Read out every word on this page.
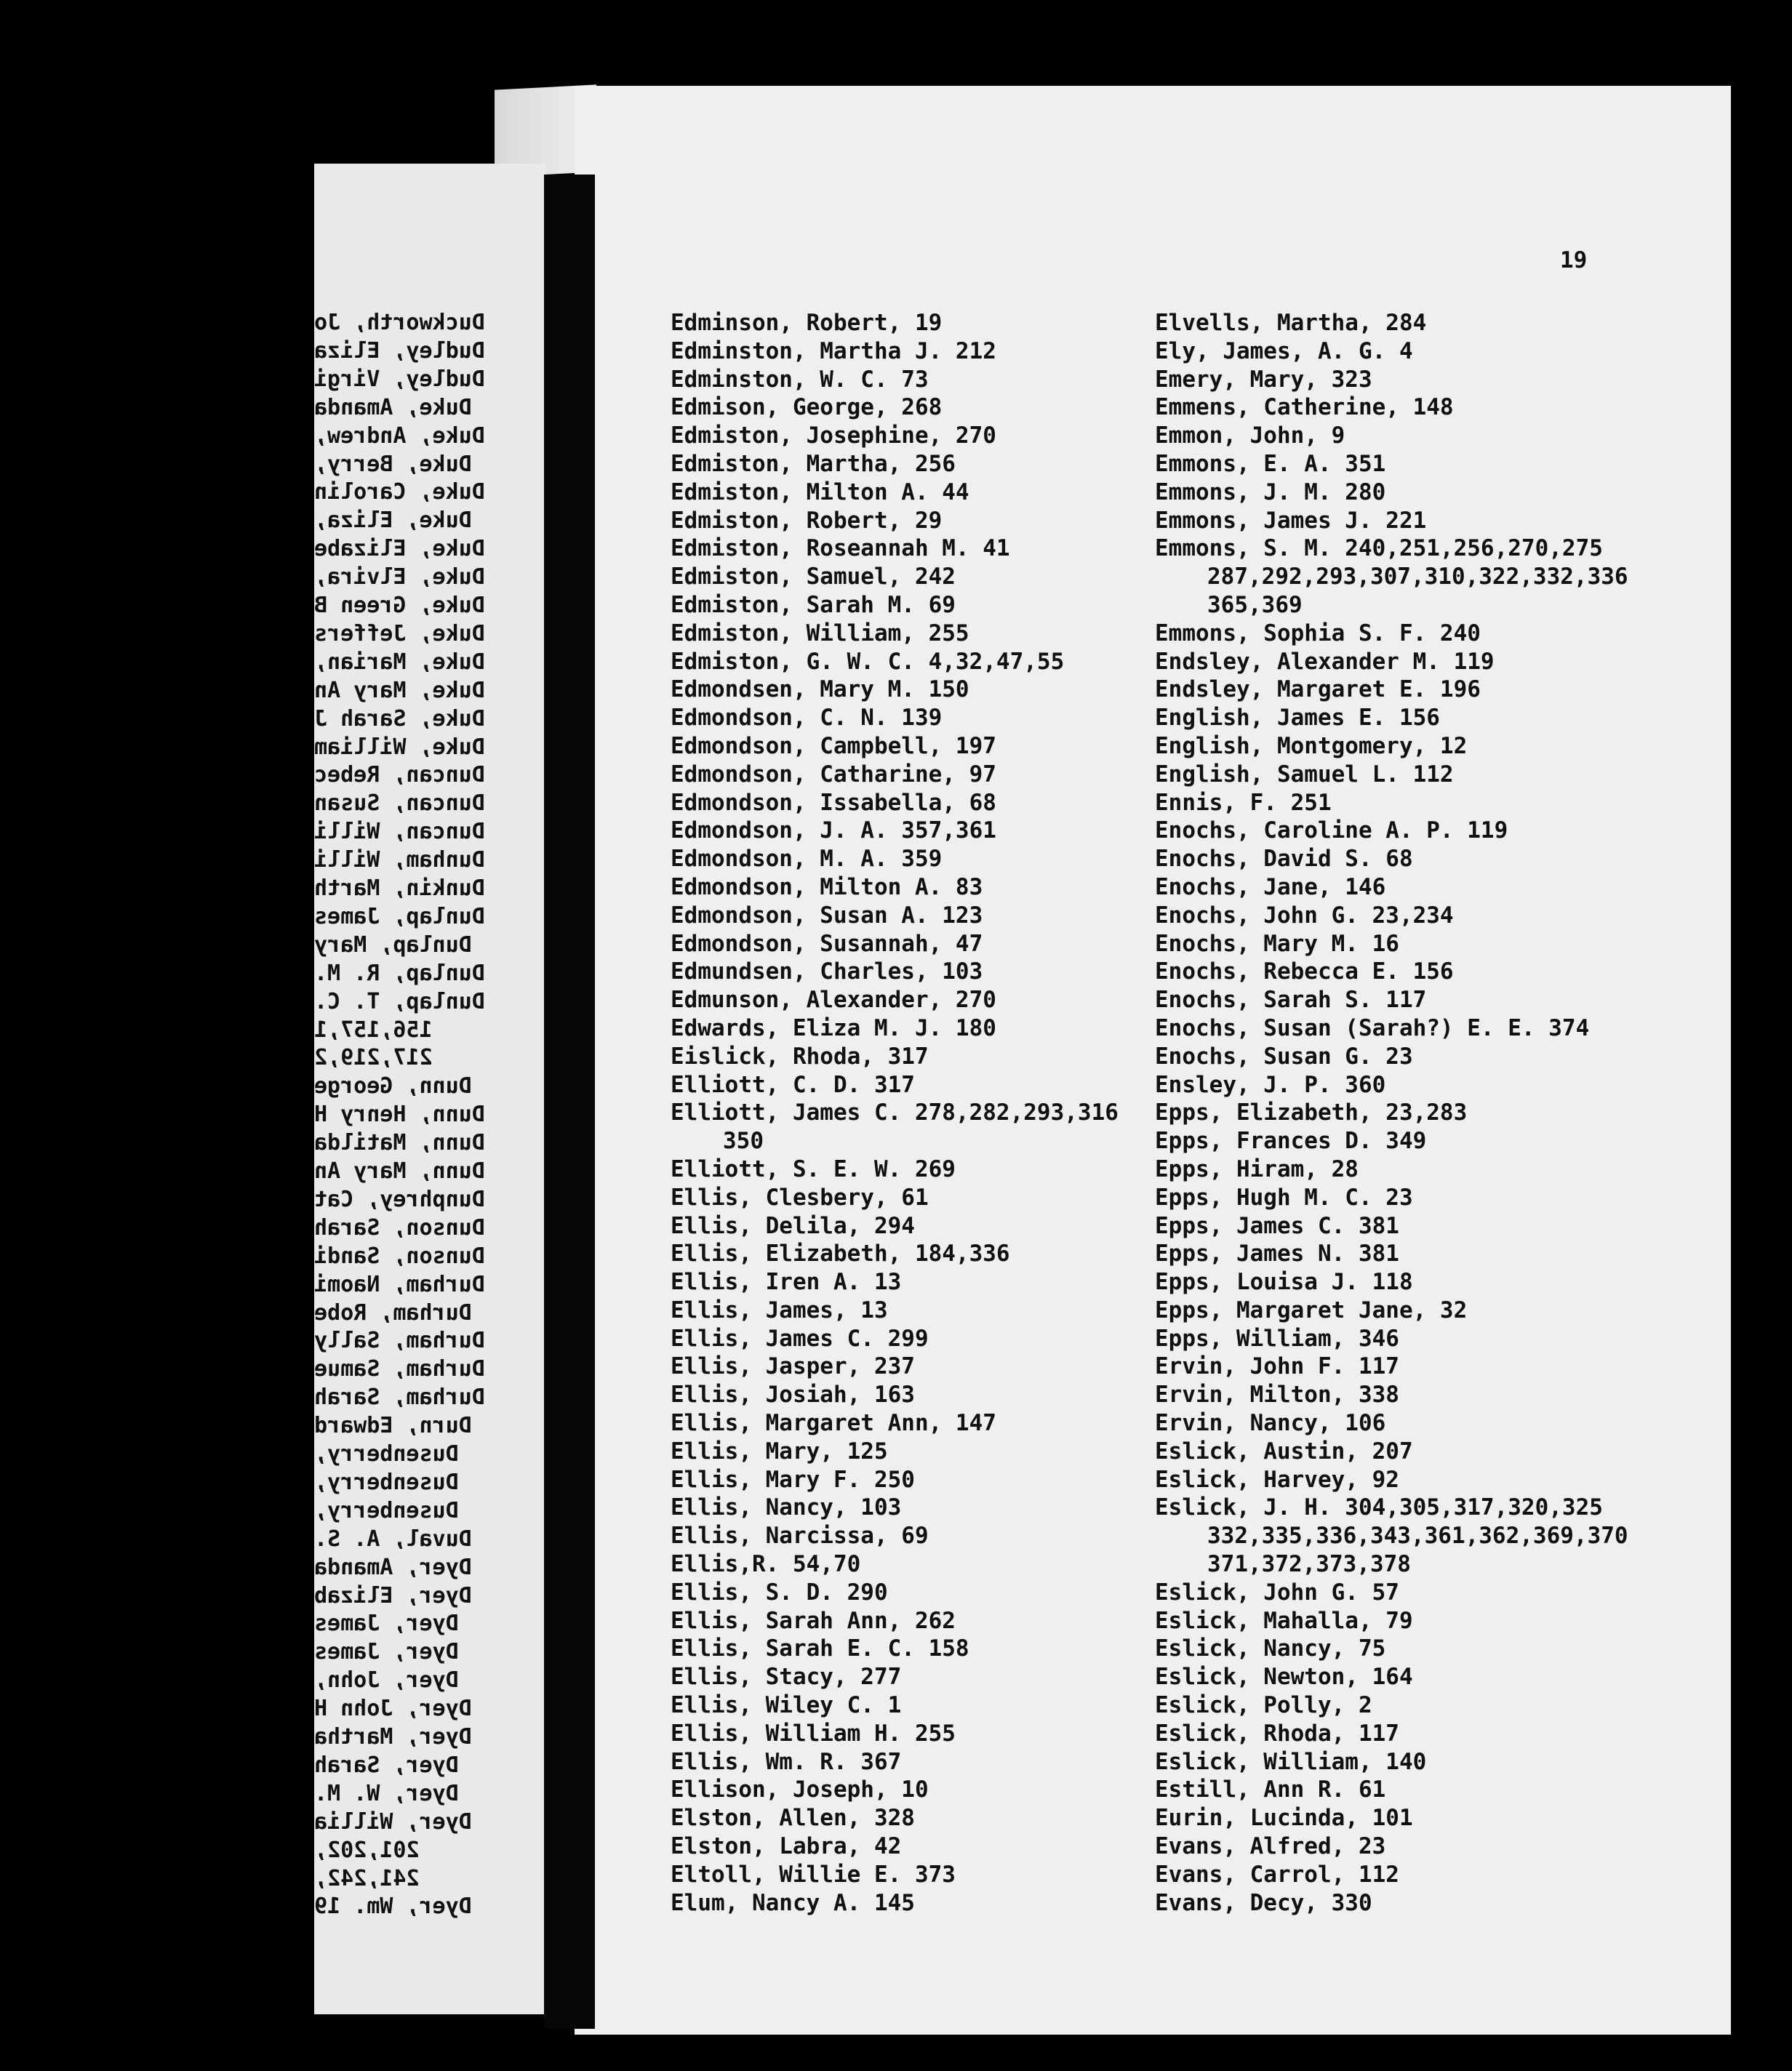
Duckworth, Jo
Dudley, Eliza
Dudley, Virgi
Duke, Amanda
Duke, Andrew,
Duke, Berry,
Duke, Carolin
Duke, Eliza,
Duke, Elizabe
Duke, Elvira,
Duke, Green B
Duke, Jeffers
Duke, Marian,
Duke, Mary An
Duke, Sarah J
Duke, William
Duncan, Rebec
Duncan, Susan
Duncan, Willi
Dunham, Willi
Dunkin, Marth
Dunlap, James
Dunlap, Mary
Dunlap, R. M.
Dunlap, T. C.
156,157,1
217,219,2
Dunn, George
Dunn, Henry H
Dunn, Matilda
Dunn, Mary An
Dunphrey, Cat
Dunson, Sarah
Dunson, Sandi
Durham, Naomi
Durham, Robe
Durham, Sally
Durham, Samue
Durham, Sarah
Durn, Edward
Dusenberry,
Dusenberry,
Dusenberry,
Duval, A. S.
Dyer, Amanda
Dyer, Elizab
Dyer, James
Dyer, James
Dyer, John,
Dyer, John H
Dyer, Martha
Dyer, Sarah
Dyer, W. M.
Dyer, Willia
201,202,
241,242,
Dyer, Wm. 19
19
Edminson, Robert, 19
Edminston, Martha J. 212
Edminston, W. C. 73
Edmison, George, 268
Edmiston, Josephine, 270
Edmiston, Martha, 256
Edmiston, Milton A. 44
Edmiston, Robert, 29
Edmiston, Roseannah M. 41
Edmiston, Samuel, 242
Edmiston, Sarah M. 69
Edmiston, William, 255
Edmiston, G. W. C. 4,32,47,55
Edmondsen, Mary M. 150
Edmondson, C. N. 139
Edmondson, Campbell, 197
Edmondson, Catharine, 97
Edmondson, Issabella, 68
Edmondson, J. A. 357,361
Edmondson, M. A. 359
Edmondson, Milton A. 83
Edmondson, Susan A. 123
Edmondson, Susannah, 47
Edmundsen, Charles, 103
Edmunson, Alexander, 270
Edwards, Eliza M. J. 180
Eislick, Rhoda, 317
Elliott, C. D. 317
Elliott, James C. 278,282,293,316
350
Elliott, S. E. W. 269
Ellis, Clesbery, 61
Ellis, Delila, 294
Ellis, Elizabeth, 184,336
Ellis, Iren A. 13
Ellis, James, 13
Ellis, James C. 299
Ellis, Jasper, 237
Ellis, Josiah, 163
Ellis, Margaret Ann, 147
Ellis, Mary, 125
Ellis, Mary F. 250
Ellis, Nancy, 103
Ellis, Narcissa, 69
Ellis,R. 54,70
Ellis, S. D. 290
Ellis, Sarah Ann, 262
Ellis, Sarah E. C. 158
Ellis, Stacy, 277
Ellis, Wiley C. 1
Ellis, William H. 255
Ellis, Wm. R. 367
Ellison, Joseph, 10
Elston, Allen, 328
Elston, Labra, 42
Eltoll, Willie E. 373
Elum, Nancy A. 145
Elvells, Martha, 284
Ely, James, A. G. 4
Emery, Mary, 323
Emmens, Catherine, 148
Emmon, John, 9
Emmons, E. A. 351
Emmons, J. M. 280
Emmons, James J. 221
Emmons, S. M. 240,251,256,270,275
287,292,293,307,310,322,332,336
365,369
Emmons, Sophia S. F. 240
Endsley, Alexander M. 119
Endsley, Margaret E. 196
English, James E. 156
English, Montgomery, 12
English, Samuel L. 112
Ennis, F. 251
Enochs, Caroline A. P. 119
Enochs, David S. 68
Enochs, Jane, 146
Enochs, John G. 23,234
Enochs, Mary M. 16
Enochs, Rebecca E. 156
Enochs, Sarah S. 117
Enochs, Susan (Sarah?) E. E. 374
Enochs, Susan G. 23
Ensley, J. P. 360
Epps, Elizabeth, 23,283
Epps, Frances D. 349
Epps, Hiram, 28
Epps, Hugh M. C. 23
Epps, James C. 381
Epps, James N. 381
Epps, Louisa J. 118
Epps, Margaret Jane, 32
Epps, William, 346
Ervin, John F. 117
Ervin, Milton, 338
Ervin, Nancy, 106
Eslick, Austin, 207
Eslick, Harvey, 92
Eslick, J. H. 304,305,317,320,325
332,335,336,343,361,362,369,370
371,372,373,378
Eslick, John G. 57
Eslick, Mahalla, 79
Eslick, Nancy, 75
Eslick, Newton, 164
Eslick, Polly, 2
Eslick, Rhoda, 117
Eslick, William, 140
Estill, Ann R. 61
Eurin, Lucinda, 101
Evans, Alfred, 23
Evans, Carrol, 112
Evans, Decy, 330
